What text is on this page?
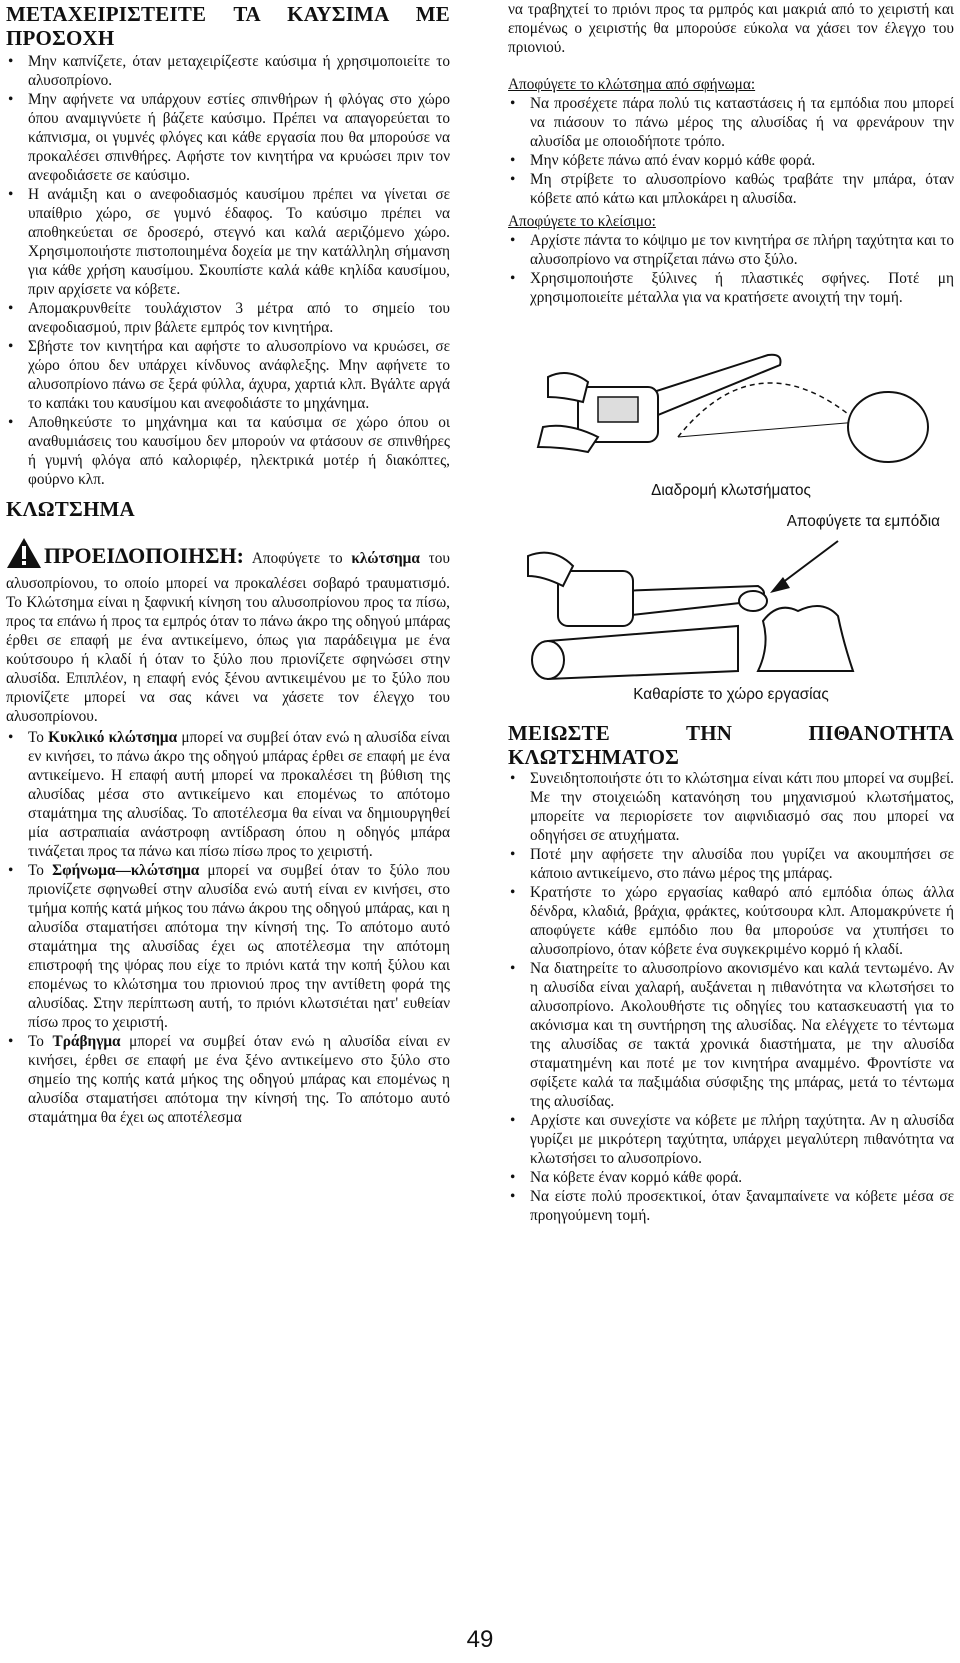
ΜΕΤΑΧΕΙΡΙΣΤΕΙΤΕ ΤΑ ΚΑΥΣΙΜΑ ΜΕ ΠΡΟΣΟΧΗ
• Μην καπνίζετε, όταν μεταχειρίζεστε καύσιμα ή χρησιμοποιείτε το αλυσοπρίονο.
• Μην αφήνετε να υπάρχουν εστίες σπινθήρων ή φλόγας στο χώρο όπου αναμιγνύετε ή βάζετε καύσιμο. Πρέπει να απαγορεύεται το κάπνισμα, οι γυμνές φλόγες και κάθε εργασία που θα μπορούσε να προκαλέσει σπινθήρες. Αφήστε τον κινητήρα να κρυώσει πριν τον ανεφοδιάσετε σε καύσιμο.
• Η ανάμιξη και ο ανεφοδιασμός καυσίμου πρέπει να γίνεται σε υπαίθριο χώρο, σε γυμνό έδαφος. Το καύσιμο πρέπει να αποθηκεύεται σε δροσερό, στεγνό και καλά αεριζόμενο χώρο. Χρησιμοποιήστε πιστοποιημένα δοχεία με την κατάλληλη σήμανση για κάθε χρήση καυσίμου. Σκουπίστε καλά κάθε κηλίδα καυσίμου, πριν αρχίσετε να κόβετε.
• Απομακρυνθείτε τουλάχιστον 3 μέτρα από το σημείο του ανεφοδιασμού, πριν βάλετε εμπρός τον κινητήρα.
• Σβήστε τον κινητήρα και αφήστε το αλυσοπρίονο να κρυώσει, σε χώρο όπου δεν υπάρχει κίνδυνος ανάφλεξης. Μην αφήνετε το αλυσοπρίονο πάνω σε ξερά φύλλα, άχυρα, χαρτιά κλπ. Βγάλτε αργά το καπάκι του καυσίμου και ανεφοδιάστε το μηχάνημα.
• Αποθηκεύστε το μηχάνημα και τα καύσιμα σε χώρο όπου οι αναθυμιάσεις του καυσίμου δεν μπορούν να φτάσουν σε σπινθήρες ή γυμνή φλόγα από καλοριφέρ, ηλεκτρικά μοτέρ ή διακόπτες, φούρνο κλπ.
ΚΛΩΤΣΗΜΑ

ΠΡΟΕΙΔΟΠΟΙΗΣΗ: Αποφύγετε το κλώτσημα του αλυσοπρίονου, το οποίο μπορεί να προκαλέσει σοβαρό τραυματισμό. Το Κλώτσημα είναι η ξαφνική κίνηση του αλυσοπρίονου προς τα πίσω, προς τα επάνω ή προς τα εμπρός όταν το πάνω άκρο της οδηγού μπάρας έρθει σε επαφή με ένα αντικείμενο, όπως για παράδειγμα με ένα κούτσουρο ή κλαδί ή όταν το ξύλο που πριονίζετε σφηνώσει στην αλυσίδα. Επιπλέον, η επαφή ενός ξένου αντικειμένου με το ξύλο που πριονίζετε μπορεί να σας κάνει να χάσετε τον έλεγχο του αλυσοπρίονου.

• Το Κυκλικό κλώτσημα μπορεί να συμβεί όταν ενώ η αλυσίδα είναι εν κινήσει, το πάνω άκρο της οδηγού μπάρας έρθει σε επαφή με ένα αντικείμενο. Η επαφή αυτή μπορεί να προκαλέσει τη βύθιση της αλυσίδας μέσα στο αντικείμενο και επομένως το απότομο σταμάτημα της αλυσίδας. Το αποτέλεσμα θα είναι να δημιουργηθεί μία αστραπιαία ανάστροφη αντίδραση όπου η οδηγός μπάρα τινάζεται προς τα πάνω και πίσω πίσω προς το χειριστή.
• Το Σφήνωμα—κλώτσημα μπορεί να συμβεί όταν το ξύλο που πριονίζετε σφηνωθεί στην αλυσίδα ενώ αυτή είναι εν κινήσει, στο τμήμα κοπής κατά μήκος του πάνω άκρου της οδηγού μπάρας, και η αλυσίδα σταματήσει απότομα την κίνησή της. Το απότομο αυτό σταμάτημα της αλυσίδας έχει ως αποτέλεσμα την απότομη επιστροφή της ψόρας που είχε το πριόνι κατά την κοπή ξύλου και επομένως το κλώτσημα του πριονιού προς την αντίθετη φορά της αλυσίδας. Στην περίπτωση αυτή, το πριόνι κλωτσιέται ηατ' ευθείαν πίσω προς το χειριστή.
• Το Τράβηγμα μπορεί να συμβεί όταν ενώ η αλυσίδα είναι εν κινήσει, έρθει σε επαφή με ένα ξένο αντικείμενο στο ξύλο στο σημείο της κοπής κατά μήκος της οδηγού μπάρας και επομένως η αλυσίδα σταματήσει απότομα την κίνησή της. Το απότομο αυτό σταμάτημα θα έχει ως αποτέλεσμα

να τραβηχτεί το πριόνι προς τα ρμπρός και μακριά από το χειριστή και επομένως ο χειριστής θα μπορούσε εύκολα να χάσει τον έλεγχο του πριονιού.

Αποφύγετε το κλώτσημα από σφήνωμα:

• Να προσέχετε πάρα πολύ τις καταστάσεις ή τα εμπόδια που μπορεί να πιάσουν το πάνω μέρος της αλυσίδας ή να φρενάρουν την αλυσίδα με οποιοδήποτε τρόπο.
• Μην κόβετε πάνω από έναν κορμό κάθε φορά.
• Μη στρίβετε το αλυσοπρίονο καθώς τραβάτε την μπάρα, όταν κόβετε από κάτω και μπλοκάρει η αλυσίδα.

Αποφύγετε το κλείσιμο:

• Αρχίστε πάντα το κόψιμο με τον κινητήρα σε πλήρη ταχύτητα και το αλυσοπρίονο να στηρίζεται πάνω στο ξύλο.
• Χρησιμοποιήστε ξύλινες ή πλαστικές σφήνες. Ποτέ μη χρησιμοποιείτε μέταλλα για να κρατήσετε ανοιχτή την τομή.
Διαδρομή κλωτσήματος
Αποφύγετε τα εμπόδια
Καθαρίστε το χώρο εργασίας
ΜΕΙΩΣΤΕ ΤΗΝ ΠΙΘΑΝΟΤΗΤΑ ΚΛΩΤΣΗΜΑΤΟΣ
• Συνειδητοποιήστε ότι το κλώτσημα είναι κάτι που μπορεί να συμβεί. Με την στοιχειώδη κατανόηση του μηχανισμού κλωτσήματος, μπορείτε να περιορίσετε τον αιφνιδιασμό σας που μπορεί να οδηγήσει σε ατυχήματα.
• Ποτέ μην αφήσετε την αλυσίδα που γυρίζει να ακουμπήσει σε κάποιο αντικείμενο, στο πάνω μέρος της μπάρας.
• Κρατήστε το χώρο εργασίας καθαρό από εμπόδια όπως άλλα δένδρα, κλαδιά, βράχια, φράκτες, κούτσουρα κλπ. Απομακρύνετε ή αποφύγετε κάθε εμπόδιο που θα μπορούσε να χτυπήσει το αλυσοπρίονο, όταν κόβετε ένα συγκεκριμένο κορμό ή κλαδί.
• Να διατηρείτε το αλυσοπρίονο ακονισμένο και καλά τεντωμένο. Αν η αλυσίδα είναι χαλαρή, αυξάνεται η πιθανότητα να κλωτσήσει το αλυσοπρίονο. Ακολουθήστε τις οδηγίες του κατασκευαστή για το ακόνισμα και τη συντήρηση της αλυσίδας. Να ελέγχετε το τέντωμα της αλυσίδας σε τακτά χρονικά διαστήματα, με την αλυσίδα σταματημένη και ποτέ με τον κινητήρα αναμμένο. Φροντίστε να σφίξετε καλά τα παξιμάδια σύσφιξης της μπάρας, μετά το τέντωμα της αλυσίδας.
• Αρχίστε και συνεχίστε να κόβετε με πλήρη ταχύτητα. Αν η αλυσίδα γυρίζει με μικρότερη ταχύτητα, υπάρχει μεγαλύτερη πιθανότητα να κλωτσήσει το αλυσοπρίονο.
• Να κόβετε έναν κορμό κάθε φορά.
• Να είστε πολύ προσεκτικοί, όταν ξαναμπαίνετε να κόβετε μέσα σε προηγούμενη τομή.
49
